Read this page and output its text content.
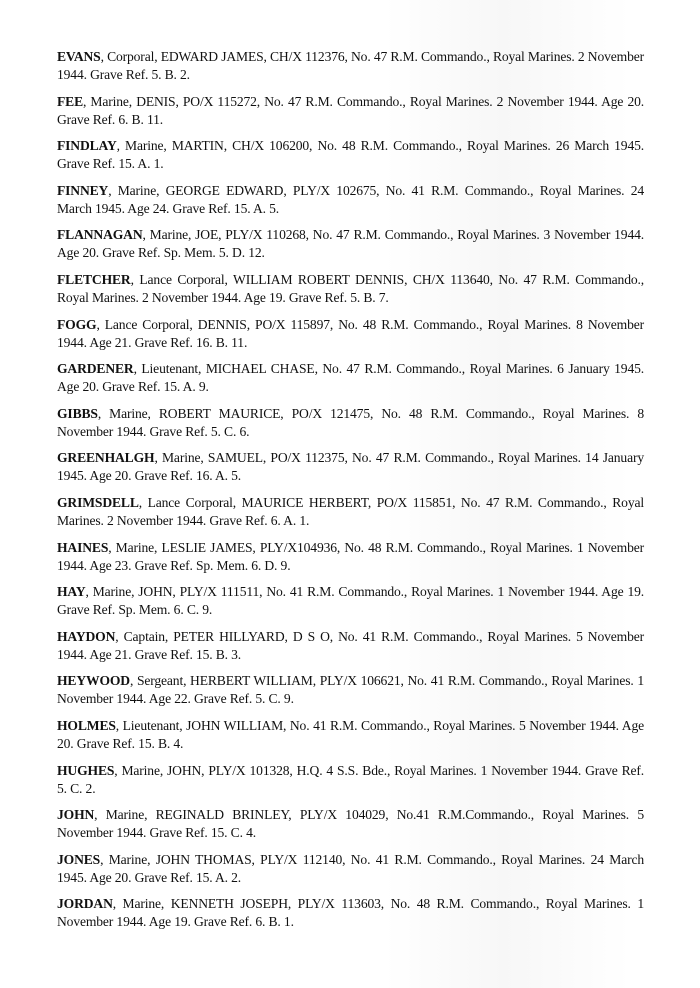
EVANS, Corporal, EDWARD JAMES, CH/X 112376, No. 47 R.M. Commando., Royal Marines. 2 November 1944. Grave Ref. 5. B. 2.

FEE, Marine, DENIS, PO/X 115272, No. 47 R.M. Commando., Royal Marines. 2 November 1944. Age 20. Grave Ref. 6. B. 11.

FINDLAY, Marine, MARTIN, CH/X 106200, No. 48 R.M. Commando., Royal Marines. 26 March 1945. Grave Ref. 15. A. 1.

FINNEY, Marine, GEORGE EDWARD, PLY/X 102675, No. 41 R.M. Commando., Royal Marines. 24 March 1945. Age 24. Grave Ref. 15. A. 5.

FLANNAGAN, Marine, JOE, PLY/X 110268, No. 47 R.M. Commando., Royal Marines. 3 November 1944. Age 20. Grave Ref. Sp. Mem. 5. D. 12.

FLETCHER, Lance Corporal, WILLIAM ROBERT DENNIS, CH/X 113640, No. 47 R.M. Commando., Royal Marines. 2 November 1944. Age 19. Grave Ref. 5. B. 7.

FOGG, Lance Corporal, DENNIS, PO/X 115897, No. 48 R.M. Commando., Royal Marines. 8 November 1944. Age 21. Grave Ref. 16. B. 11.

GARDENER, Lieutenant, MICHAEL CHASE, No. 47 R.M. Commando., Royal Marines. 6 January 1945. Age 20. Grave Ref. 15. A. 9.

GIBBS, Marine, ROBERT MAURICE, PO/X 121475, No. 48 R.M. Commando., Royal Marines. 8 November 1944. Grave Ref. 5. C. 6.

GREENHALGH, Marine, SAMUEL, PO/X 112375, No. 47 R.M. Commando., Royal Marines. 14 January 1945. Age 20. Grave Ref. 16. A. 5.

GRIMSDELL, Lance Corporal, MAURICE HERBERT, PO/X 115851, No. 47 R.M. Commando., Royal Marines. 2 November 1944. Grave Ref. 6. A. 1.

HAINES, Marine, LESLIE JAMES, PLY/X104936, No. 48 R.M. Commando., Royal Marines. 1 November 1944. Age 23. Grave Ref. Sp. Mem. 6. D. 9.

HAY, Marine, JOHN, PLY/X 111511, No. 41 R.M. Commando., Royal Marines. 1 November 1944. Age 19. Grave Ref. Sp. Mem. 6. C. 9.

HAYDON, Captain, PETER HILLYARD, D S O, No. 41 R.M. Commando., Royal Marines. 5 November 1944. Age 21. Grave Ref. 15. B. 3.

HEYWOOD, Sergeant, HERBERT WILLIAM, PLY/X 106621, No. 41 R.M. Commando., Royal Marines. 1 November 1944. Age 22. Grave Ref. 5. C. 9.

HOLMES, Lieutenant, JOHN WILLIAM, No. 41 R.M. Commando., Royal Marines. 5 November 1944. Age 20. Grave Ref. 15. B. 4.

HUGHES, Marine, JOHN, PLY/X 101328, H.Q. 4 S.S. Bde., Royal Marines. 1 November 1944. Grave Ref. 5. C. 2.

JOHN, Marine, REGINALD BRINLEY, PLY/X 104029, No.41 R.M.Commando., Royal Marines. 5 November 1944. Grave Ref. 15. C. 4.

JONES, Marine, JOHN THOMAS, PLY/X 112140, No. 41 R.M. Commando., Royal Marines. 24 March 1945. Age 20. Grave Ref. 15. A. 2.

JORDAN, Marine, KENNETH JOSEPH, PLY/X 113603, No. 48 R.M. Commando., Royal Marines. 1 November 1944. Age 19. Grave Ref. 6. B. 1.
